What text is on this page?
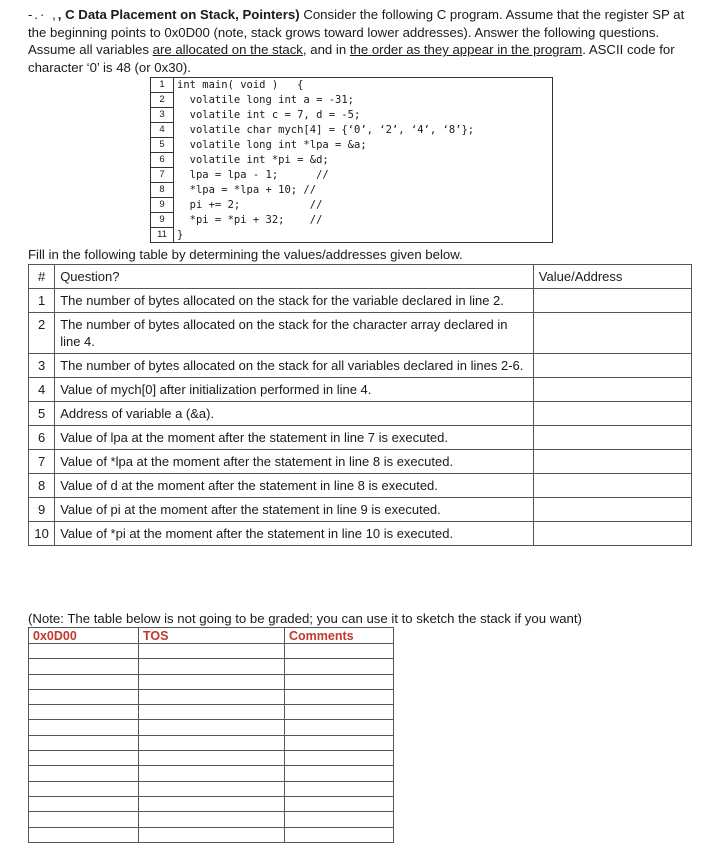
‐.· ,, C Data Placement on Stack, Pointers) Consider the following C program. Assume that the register SP at the beginning points to 0x0D00 (note, stack grows toward lower addresses). Answer the following questions. Assume all variables are allocated on the stack, and in the order as they appear in the program. ASCII code for character ‘0’ is 48 (or 0x30).
1	int main( void )   {
2	volatile long int a = -31;
3	volatile int c = 7, d = -5;
4	volatile char mych[4] = {‘0’, ‘2’, ‘4’, ‘8’};
5	volatile long int *lpa = &a;
6	volatile int *pi = &d;
7	lpa = lpa - 1;      //
8	*lpa = *lpa + 10; //
9	pi += 2;           //
9	*pi = *pi + 32;    //
11	}
Fill in the following table by determining the values/addresses given below.
#	Question?	Value/Address
1	The number of bytes allocated on the stack for the variable declared in line 2.	
2	The number of bytes allocated on the stack for the character array declared in line 4.	
3	The number of bytes allocated on the stack for all variables declared in lines 2-6.	
4	Value of mych[0] after initialization performed in line 4.	
5	Address of variable a (&a).	
6	Value of lpa at the moment after the statement in line 7 is executed.	
7	Value of *lpa at the moment after the statement in line 8 is executed.	
8	Value of d at the moment after the statement in line 8 is executed.	
9	Value of pi at the moment after the statement in line 9 is executed.	
10	Value of *pi at the moment after the statement in line 10 is executed.	
(Note: The table below is not going to be graded; you can use it to sketch the stack if you want)
0x0D00	TOS	Comments
